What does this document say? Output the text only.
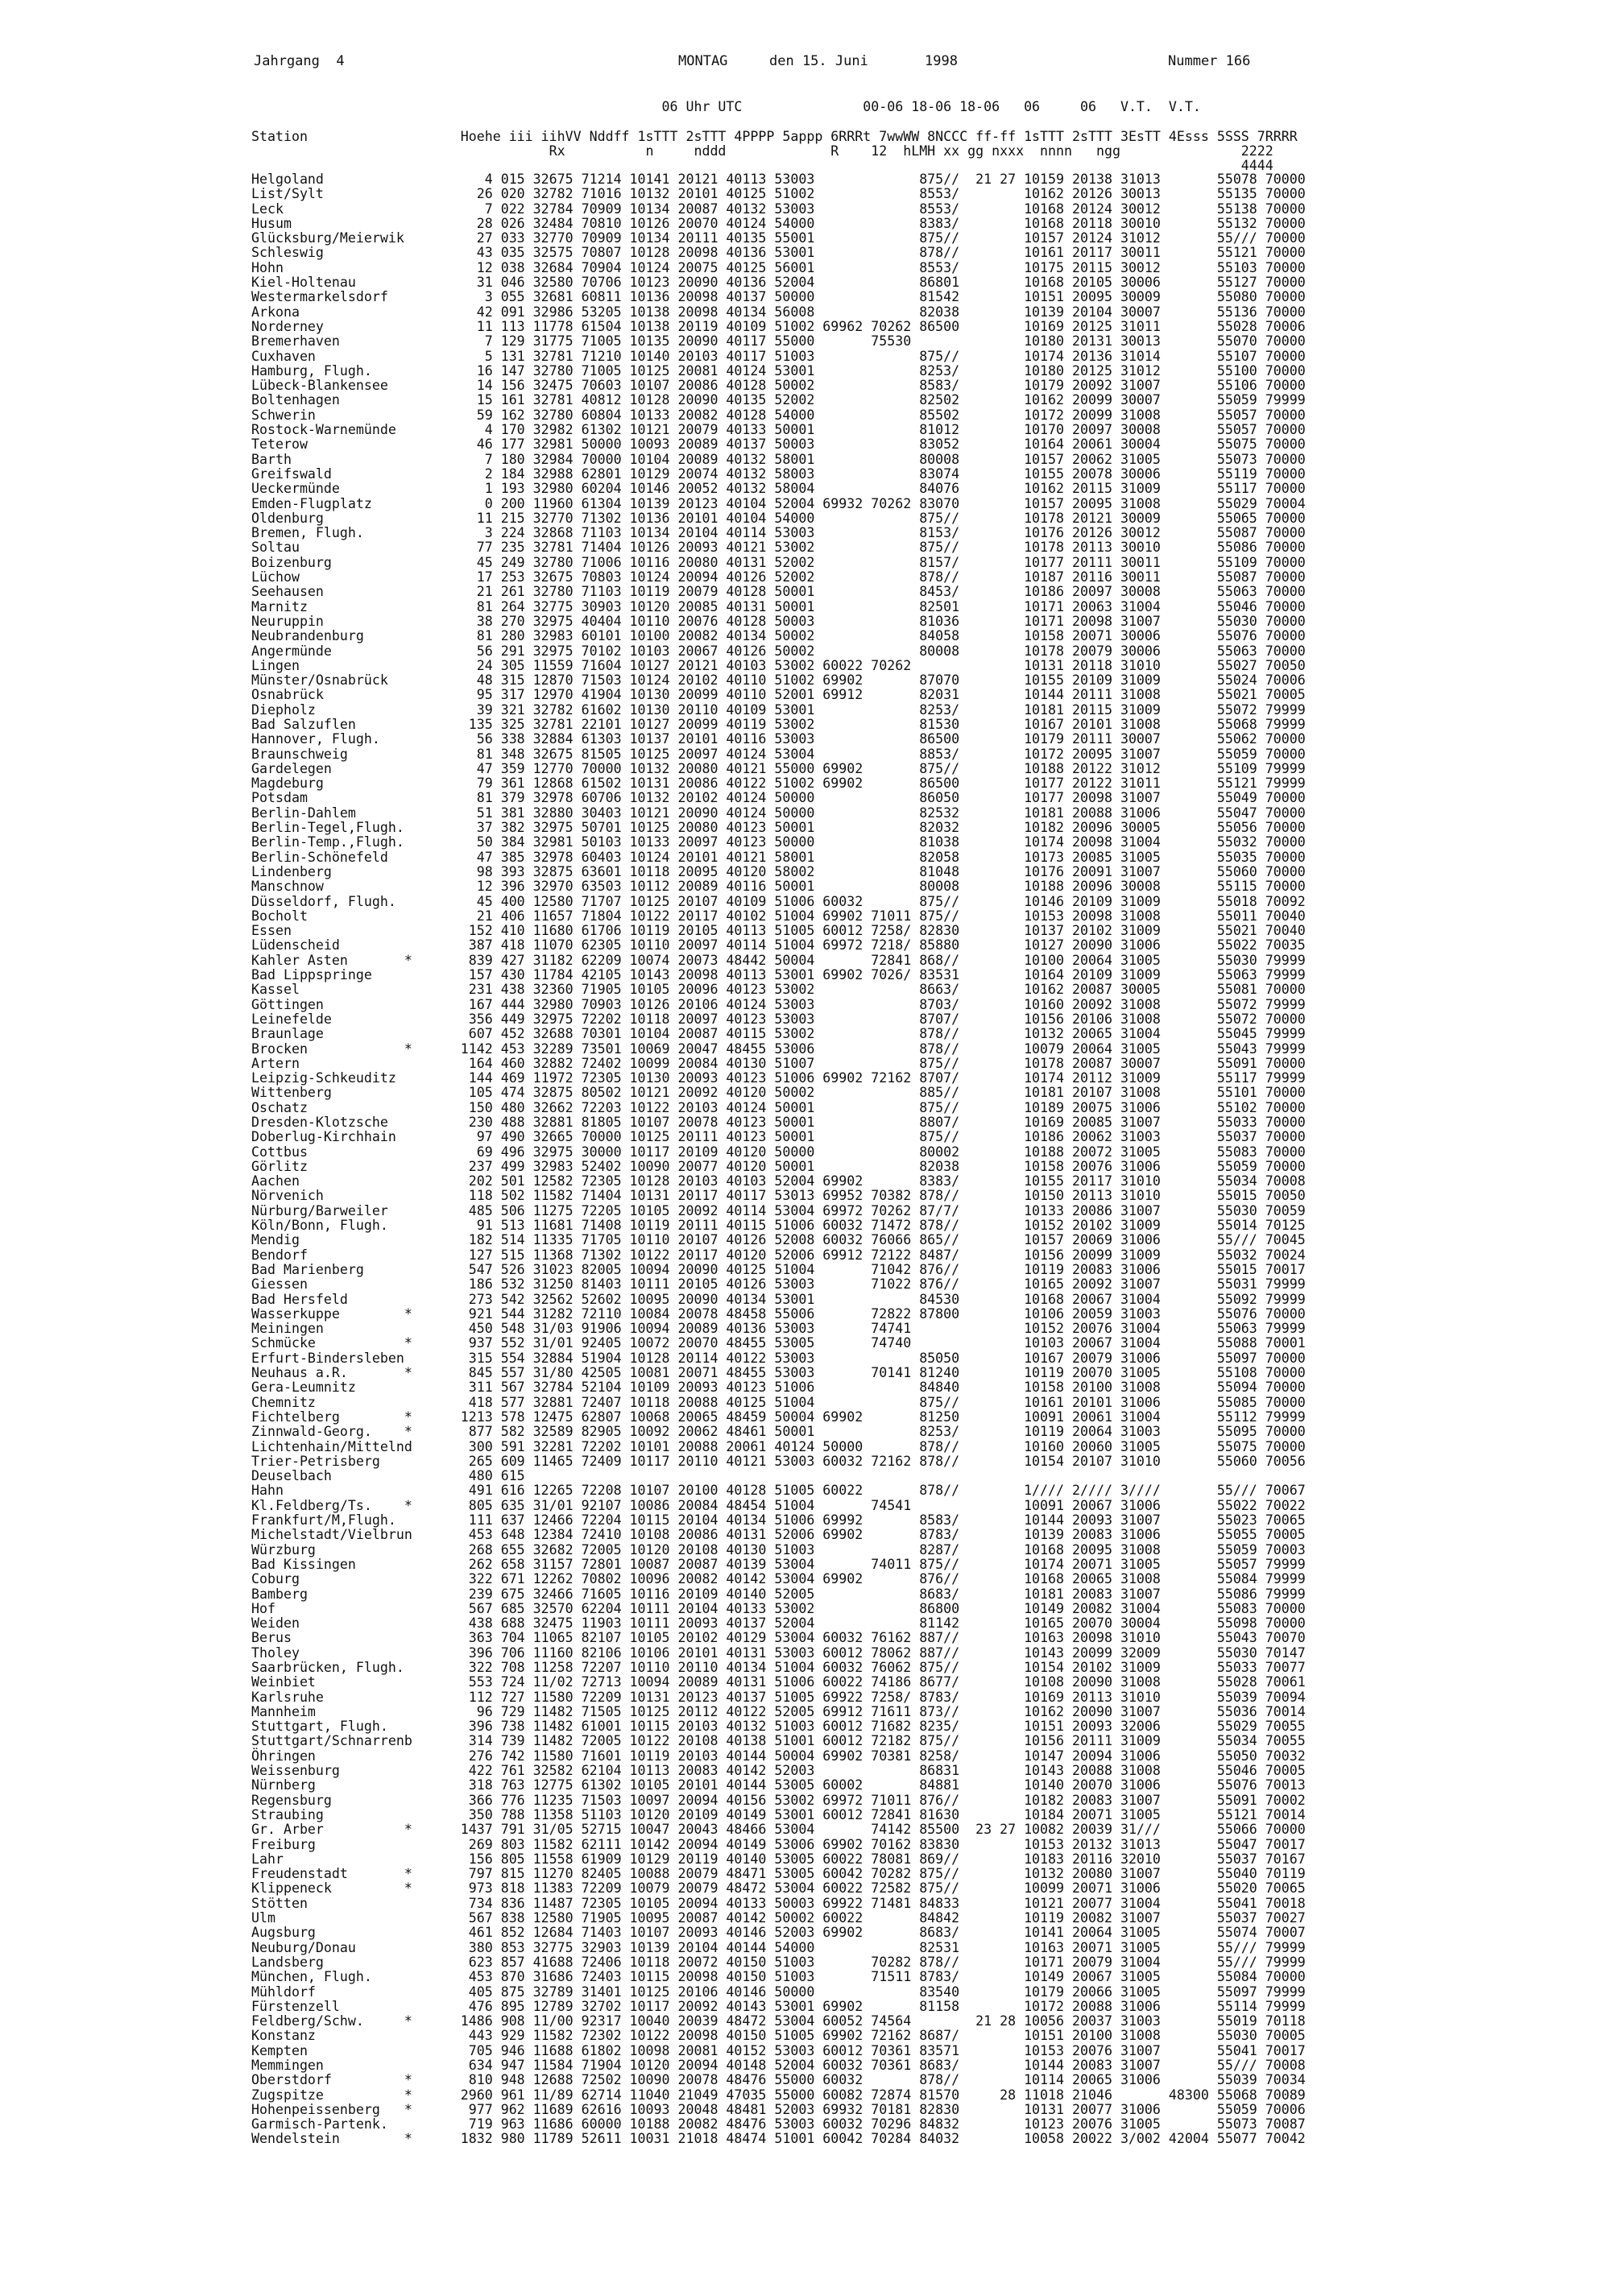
Jahrgang  4	MONTAG	den 15. Juni	1998	Nummer 166
06 Uhr UTC               00-06 18-06 18-06   06     06   V.T.  V.T.
Station                   Hoehe iii iihVV Nddff 1sTTT 2sTTT 4PPPP 5appp 6RRRt 7wwWW 8NCCC ff-ff 1sTTT 2sTTT 3EsTT 4Esss 5SSS 7RRRR
Rx          n     nddd             R    12  hLMH xx gg nxxx  nnnn   ngg               2222
4444
Helgoland                    4 015 32675 71214 10141 20121 40113 53003             875//  21 27 10159 20138 31013       55078 70000
List/Sylt                   26 020 32782 71016 10132 20101 40125 51002             8553/        10162 20126 30013       55135 70000
Leck                         7 022 32784 70909 10134 20087 40132 53003             8553/        10168 20124 30012       55138 70000
Husum                       28 026 32484 70810 10126 20070 40124 54000             8383/        10168 20118 30010       55132 70000
Glücksburg/Meierwik         27 033 32770 70909 10134 20111 40135 55001             875//        10157 20124 31012       55/// 70000
Schleswig                   43 035 32575 70807 10128 20098 40136 53001             878//        10161 20117 30011       55121 70000
Hohn                        12 038 32684 70904 10124 20075 40125 56001             8553/        10175 20115 30012       55103 70000
Kiel-Holtenau               31 046 32580 70706 10123 20090 40136 52004             86801        10168 20105 30006       55127 70000
Westermarkelsdorf            3 055 32681 60811 10136 20098 40137 50000             81542        10151 20095 30009       55080 70000
Arkona                      42 091 32986 53205 10138 20098 40134 56008             82038        10139 20104 30007       55136 70000
Norderney                   11 113 11778 61504 10138 20119 40109 51002 69962 70262 86500        10169 20125 31011       55028 70006
Bremerhaven                  7 129 31775 71005 10135 20090 40117 55000       75530              10180 20131 30013       55070 70000
Cuxhaven                     5 131 32781 71210 10140 20103 40117 51003             875//        10174 20136 31014       55107 70000
Hamburg, Flugh.             16 147 32780 71005 10125 20081 40124 53001             8253/        10180 20125 31012       55100 70000
Lübeck-Blankensee           14 156 32475 70603 10107 20086 40128 50002             8583/        10179 20092 31007       55106 70000
Boltenhagen                 15 161 32781 40812 10128 20090 40135 52002             82502        10162 20099 30007       55059 79999
Schwerin                    59 162 32780 60804 10133 20082 40128 54000             85502        10172 20099 31008       55057 70000
Rostock-Warnemünde           4 170 32982 61302 10121 20079 40133 50001             81012        10170 20097 30008       55057 70000
Teterow                     46 177 32981 50000 10093 20089 40137 50003             83052        10164 20061 30004       55075 70000
Barth                        7 180 32984 70000 10104 20089 40132 58001             80008        10157 20062 31005       55073 70000
Greifswald                   2 184 32988 62801 10129 20074 40132 58003             83074        10155 20078 30006       55119 70000
Ueckermünde                  1 193 32980 60204 10146 20052 40132 58004             84076        10162 20115 31009       55117 70000
Emden-Flugplatz              0 200 11960 61304 10139 20123 40104 52004 69932 70262 83070        10157 20095 31008       55029 70004
Oldenburg                   11 215 32770 71302 10136 20101 40104 54000             875//        10178 20121 30009       55065 70000
Bremen, Flugh.               3 224 32868 71103 10134 20104 40114 53003             8153/        10176 20126 30012       55087 70000
Soltau                      77 235 32781 71404 10126 20093 40121 53002             875//        10178 20113 30010       55086 70000
Boizenburg                  45 249 32780 71006 10116 20080 40131 52002             8157/        10177 20111 30011       55109 70000
Lüchow                      17 253 32675 70803 10124 20094 40126 52002             878//        10187 20116 30011       55087 70000
Seehausen                   21 261 32780 71103 10119 20079 40128 50001             8453/        10186 20097 30008       55063 70000
Marnitz                     81 264 32775 30903 10120 20085 40131 50001             82501        10171 20063 31004       55046 70000
Neuruppin                   38 270 32975 40404 10110 20076 40128 50003             81036        10171 20098 31007       55030 70000
Neubrandenburg              81 280 32983 60101 10100 20082 40134 50002             84058        10158 20071 30006       55076 70000
Angermünde                  56 291 32975 70102 10103 20067 40126 50002             80008        10178 20079 30006       55063 70000
Lingen                      24 305 11559 71604 10127 20121 40103 53002 60022 70262              10131 20118 31010       55027 70050
Münster/Osnabrück           48 315 12870 71503 10124 20102 40110 51002 69902       87070        10155 20109 31009       55024 70006
Osnabrück                   95 317 12970 41904 10130 20099 40110 52001 69912       82031        10144 20111 31008       55021 70005
Diepholz                    39 321 32782 61602 10130 20110 40109 53001             8253/        10181 20115 31009       55072 79999
Bad Salzuflen              135 325 32781 22101 10127 20099 40119 53002             81530        10167 20101 31008       55068 79999
Hannover, Flugh.            56 338 32884 61303 10137 20101 40116 53003             86500        10179 20111 30007       55062 70000
Braunschweig                81 348 32675 81505 10125 20097 40124 53004             8853/        10172 20095 31007       55059 70000
Gardelegen                  47 359 12770 70000 10132 20080 40121 55000 69902       875//        10188 20122 31012       55109 79999
Magdeburg                   79 361 12868 61502 10131 20086 40122 51002 69902       86500        10177 20122 31011       55121 79999
Potsdam                     81 379 32978 60706 10132 20102 40124 50000             86050        10177 20098 31007       55049 70000
Berlin-Dahlem               51 381 32880 30403 10121 20090 40124 50000             82532        10181 20088 31006       55047 70000
Berlin-Tegel,Flugh.         37 382 32975 50701 10125 20080 40123 50001             82032        10182 20096 30005       55056 70000
Berlin-Temp.,Flugh.         50 384 32981 50103 10133 20097 40123 50000             81038        10174 20098 31004       55032 70000
Berlin-Schönefeld           47 385 32978 60403 10124 20101 40121 58001             82058        10173 20085 31005       55035 70000
Lindenberg                  98 393 32875 63601 10118 20095 40120 58002             81048        10176 20091 31007       55060 70000
Manschnow                   12 396 32970 63503 10112 20089 40116 50001             80008        10188 20096 30008       55115 70000
Düsseldorf, Flugh.          45 400 12580 71707 10125 20107 40109 51006 60032       875//        10146 20109 31009       55018 70092
Bocholt                     21 406 11657 71804 10122 20117 40102 51004 69902 71011 875//        10153 20098 31008       55011 70040
Essen                      152 410 11680 61706 10119 20105 40113 51005 60012 7258/ 82830        10137 20102 31009       55021 70040
Lüdenscheid                387 418 11070 62305 10110 20097 40114 51004 69972 7218/ 85880        10127 20090 31006       55022 70035
Kahler Asten       *       839 427 31182 62209 10074 20073 48442 50004       72841 868//        10100 20064 31005       55030 79999
Bad Lippspringe            157 430 11784 42105 10143 20098 40113 53001 69902 7026/ 83531        10164 20109 31009       55063 79999
Kassel                     231 438 32360 71905 10105 20096 40123 53002             8663/        10162 20087 30005       55081 70000
Göttingen                  167 444 32980 70903 10126 20106 40124 53003             8703/        10160 20092 31008       55072 79999
Leinefelde                 356 449 32975 72202 10118 20097 40123 53003             8707/        10156 20106 31008       55072 70000
Braunlage                  607 452 32688 70301 10104 20087 40115 53002             878//        10132 20065 31004       55045 79999
Brocken            *      1142 453 32289 73501 10069 20047 48455 53006             878//        10079 20064 31005       55043 79999
Artern                     164 460 32882 72402 10099 20084 40130 51007             875//        10178 20087 30007       55091 70000
Leipzig-Schkeuditz         144 469 11972 72305 10130 20093 40123 51006 69902 72162 8707/        10174 20112 31009       55117 79999
Wittenberg                 105 474 32875 80502 10121 20092 40120 50002             885//        10181 20107 31008       55101 70000
Oschatz                    150 480 32662 72203 10122 20103 40124 50001             875//        10189 20075 31006       55102 70000
Dresden-Klotzsche          230 488 32881 81805 10107 20078 40123 50001             8807/        10169 20085 31007       55033 70000
Doberlug-Kirchhain          97 490 32665 70000 10125 20111 40123 50001             875//        10186 20062 31003       55037 70000
Cottbus                     69 496 32975 30000 10117 20109 40120 50000             80002        10188 20072 31005       55083 70000
Görlitz                    237 499 32983 52402 10090 20077 40120 50001             82038        10158 20076 31006       55059 70000
Aachen                     202 501 12582 72305 10128 20103 40103 52004 69902       8383/        10155 20117 31010       55034 70008
Nörvenich                  118 502 11582 71404 10131 20117 40117 53013 69952 70382 878//        10150 20113 31010       55015 70050
Nürburg/Barweiler          485 506 11275 72205 10105 20092 40114 53004 69972 70262 87/7/        10133 20086 31007       55030 70059
Köln/Bonn, Flugh.           91 513 11681 71408 10119 20111 40115 51006 60032 71472 878//        10152 20102 31009       55014 70125
Mendig                     182 514 11335 71705 10110 20107 40126 52008 60032 76066 865//        10157 20069 31006       55/// 70045
Bendorf                    127 515 11368 71302 10122 20117 40120 52006 69912 72122 8487/        10156 20099 31009       55032 70024
Bad Marienberg             547 526 31023 82005 10094 20090 40125 51004       71042 876//        10119 20083 31006       55015 70017
Giessen                    186 532 31250 81403 10111 20105 40126 53003       71022 876//        10165 20092 31007       55031 79999
Bad Hersfeld               273 542 32562 52602 10095 20090 40134 53001             84530        10168 20067 31004       55092 79999
Wasserkuppe        *       921 544 31282 72110 10084 20078 48458 55006       72822 87800        10106 20059 31003       55076 70000
Meiningen                  450 548 31/03 91906 10094 20089 40136 53003       74741              10152 20076 31004       55063 79999
Schmücke           *       937 552 31/01 92405 10072 20070 48455 53005       74740              10103 20067 31004       55088 70001
Erfurt-Bindersleben        315 554 32884 51904 10128 20114 40122 53003             85050        10167 20079 31006       55097 70000
Neuhaus a.R.       *       845 557 31/80 42505 10081 20071 48455 53003       70141 81240        10119 20070 31005       55108 70000
Gera-Leumnitz              311 567 32784 52104 10109 20093 40123 51006             84840        10158 20100 31008       55094 70000
Chemnitz                   418 577 32881 72407 10118 20088 40125 51004             875//        10161 20101 31006       55085 70000
Fichtelberg        *      1213 578 12475 62807 10068 20065 48459 50004 69902       81250        10091 20061 31004       55112 79999
Zinnwald-Georg.    *       877 582 32589 82905 10092 20062 48461 50001             8253/        10119 20064 31003       55095 70000
Lichtenhain/Mittelnd       300 591 32281 72202 10101 20088 20061 40124 50000       878//        10160 20060 31005       55075 70000
Trier-Petrisberg           265 609 11465 72409 10117 20110 40121 53003 60032 72162 878//        10154 20107 31010       55060 70056
Deuselbach                 480 615
Hahn                       491 616 12265 72208 10107 20100 40128 51005 60022       878//        1//// 2//// 3////       55/// 70067
Kl.Feldberg/Ts.    *       805 635 31/01 92107 10086 20084 48454 51004       74541              10091 20067 31006       55022 70022
Frankfurt/M,Flugh.         111 637 12466 72204 10115 20104 40134 51006 69992       8583/        10144 20093 31007       55023 70065
Michelstadt/Vielbrun       453 648 12384 72410 10108 20086 40131 52006 69902       8783/        10139 20083 31006       55055 70005
Würzburg                   268 655 32682 72005 10120 20108 40130 51003             8287/        10168 20095 31008       55059 70003
Bad Kissingen              262 658 31157 72801 10087 20087 40139 53004       74011 875//        10174 20071 31005       55057 79999
Coburg                     322 671 12262 70802 10096 20082 40142 53004 69902       876//        10168 20065 31008       55084 79999
Bamberg                    239 675 32466 71605 10116 20109 40140 52005             8683/        10181 20083 31007       55086 79999
Hof                        567 685 32570 62204 10111 20104 40133 53002             86800        10149 20082 31004       55083 70000
Weiden                     438 688 32475 11903 10111 20093 40137 52004             81142        10165 20070 30004       55098 70000
Berus                      363 704 11065 82107 10105 20102 40129 53004 60032 76162 887//        10163 20098 31010       55043 70070
Tholey                     396 706 11160 82106 10106 20101 40131 53003 60012 78062 887//        10143 20099 32009       55030 70147
Saarbrücken, Flugh.        322 708 11258 72207 10110 20110 40134 51004 60032 76062 875//        10154 20102 31009       55033 70077
Weinbiet                   553 724 11/02 72713 10094 20089 40131 51006 60022 74186 8677/        10108 20090 31008       55028 70061
Karlsruhe                  112 727 11580 72209 10131 20123 40137 51005 69922 7258/ 8783/        10169 20113 31010       55039 70094
Mannheim                    96 729 11482 71505 10125 20112 40122 52005 69912 71611 873//        10162 20090 31007       55036 70014
Stuttgart, Flugh.          396 738 11482 61001 10115 20103 40132 51003 60012 71682 8235/        10151 20093 32006       55029 70055
Stuttgart/Schnarrenb       314 739 11482 72005 10122 20108 40138 51001 60012 72182 875//        10156 20111 31009       55034 70055
Öhringen                   276 742 11580 71601 10119 20103 40144 50004 69902 70381 8258/        10147 20094 31006       55050 70032
Weissenburg                422 761 32582 62104 10113 20083 40142 52003             86831        10143 20088 31008       55046 70005
Nürnberg                   318 763 12775 61302 10105 20101 40144 53005 60002       84881        10140 20070 31006       55076 70013
Regensburg                 366 776 11235 71503 10097 20094 40156 53002 69972 71011 876//        10182 20083 31007       55091 70002
Straubing                  350 788 11358 51103 10120 20109 40149 53001 60012 72841 81630        10184 20071 31005       55121 70014
Gr. Arber          *      1437 791 31/05 52715 10047 20043 48466 53004       74142 85500  23 27 10082 20039 31///       55066 70000
Freiburg                   269 803 11582 62111 10142 20094 40149 53006 69902 70162 83830        10153 20132 31013       55047 70017
Lahr                       156 805 11558 61909 10129 20119 40140 53005 60022 78081 869//        10183 20116 32010       55037 70167
Freudenstadt       *       797 815 11270 82405 10088 20079 48471 53005 60042 70282 875//        10132 20080 31007       55040 70119
Klippeneck         *       973 818 11383 72209 10079 20079 48472 53004 60022 72582 875//        10099 20071 31006       55020 70065
Stötten                    734 836 11487 72305 10105 20094 40133 50003 69922 71481 84833        10121 20077 31004       55041 70018
Ulm                        567 838 12580 71905 10095 20087 40142 50002 60022       84842        10119 20082 31007       55037 70027
Augsburg                   461 852 12684 71403 10107 20093 40146 52003 69902       8683/        10141 20064 31005       55074 70007
Neuburg/Donau              380 853 32775 32903 10139 20104 40144 54000             82531        10163 20071 31005       55/// 79999
Landsberg                  623 857 41688 72406 10118 20072 40150 51003       70282 878//        10171 20079 31004       55/// 79999
München, Flugh.            453 870 31686 72403 10115 20098 40150 51003       71511 8783/        10149 20067 31005       55084 70000
Mühldorf                   405 875 32789 31401 10125 20106 40146 50000             83540        10179 20066 31005       55097 79999
Fürstenzell                476 895 12789 32702 10117 20092 40143 53001 69902       81158        10172 20088 31006       55114 79999
Feldberg/Schw.     *      1486 908 11/00 92317 10040 20039 48472 53004 60052 74564        21 28 10056 20037 31003       55019 70118
Konstanz                   443 929 11582 72302 10122 20098 40150 51005 69902 72162 8687/        10151 20100 31008       55030 70005
Kempten                    705 946 11688 61802 10098 20081 40152 53003 60012 70361 83571        10153 20076 31007       55041 70017
Memmingen                  634 947 11584 71904 10120 20094 40148 52004 60032 70361 8683/        10144 20083 31007       55/// 70008
Oberstdorf         *       810 948 12688 72502 10090 20078 48476 55000 60032       878//        10114 20065 31006       55039 70034
Zugspitze          *      2960 961 11/89 62714 11040 21049 47035 55000 60082 72874 81570     28 11018 21046       48300 55068 70089
Hohenpeissenberg   *       977 962 11689 62616 10093 20048 48481 52003 69932 70181 82830        10131 20077 31006       55059 70006
Garmisch-Partenk.          719 963 11686 60000 10188 20082 48476 53003 60032 70296 84832        10123 20076 31005       55073 70087
Wendelstein        *      1832 980 11789 52611 10031 21018 48474 51001 60042 70284 84032        10058 20022 3/002 42004 55077 70042
